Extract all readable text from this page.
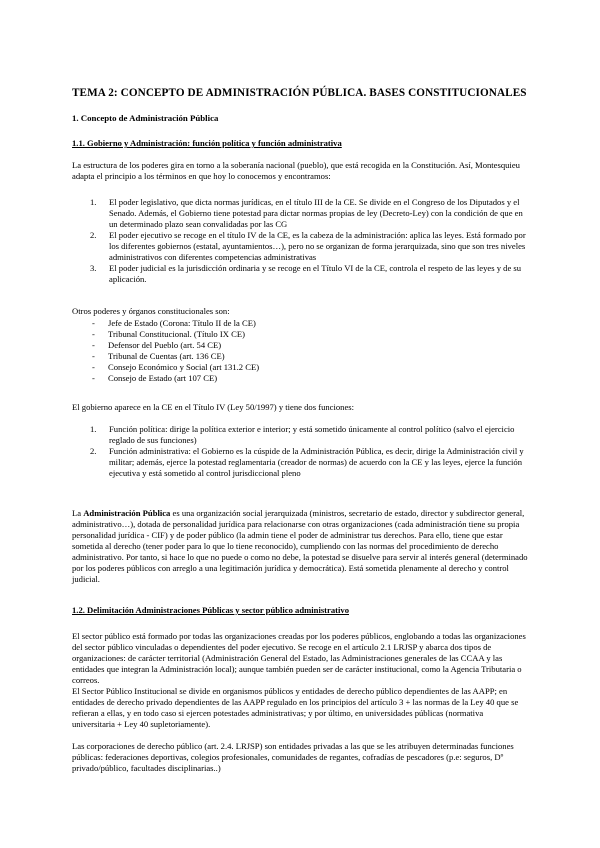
TEMA 2: CONCEPTO DE ADMINISTRACIÓN PÚBLICA. BASES CONSTITUCIONALES
1. Concepto de Administración Pública
1.1. Gobierno y Administración: función política y función administrativa

La estructura de los poderes gira en torno a la soberanía nacional (pueblo), que está recogida en la Constitución. Así, Montesquieu adapta el principio a los términos en que hoy lo conocemos y encontramos:

1. El poder legislativo, que dicta normas jurídicas, en el título III de la CE. Se divide en el Congreso de los Diputados y el Senado. Además, el Gobierno tiene potestad para dictar normas propias de ley (Decreto-Ley) con la condición de que en un determinado plazo sean convalidadas por las CG
2. El poder ejecutivo se recoge en el título IV de la CE, es la cabeza de la administración: aplica las leyes. Está formado por los diferentes gobiernos (estatal, ayuntamientos…), pero no se organizan de forma jerarquizada, sino que son tres niveles administrativos con diferentes competencias administrativas
3. El poder judicial es la jurisdicción ordinaria y se recoge en el Título VI de la CE, controla el respeto de las leyes y de su aplicación.

Otros poderes y órganos constitucionales son:

- Jefe de Estado (Corona: Título II de la CE)
- Tribunal Constitucional. (Título IX CE)
- Defensor del Pueblo (art. 54 CE)
- Tribunal de Cuentas (art. 136 CE)
- Consejo Económico y Social (art 131.2 CE)
- Consejo de Estado (art 107 CE)

El gobierno aparece en la CE en el Título IV (Ley 50/1997) y tiene dos funciones:

1. Función política: dirige la política exterior e interior; y está sometido únicamente al control político (salvo el ejercicio reglado de sus funciones)
2. Función administrativa: el Gobierno es la cúspide de la Administración Pública, es decir, dirige la Administración civil y militar; además, ejerce la potestad reglamentaria (creador de normas) de acuerdo con la CE y las leyes, ejerce la función ejecutiva y está sometido al control jurisdiccional pleno

La Administración Pública es una organización social jerarquizada (ministros, secretario de estado, director y subdirector general, administrativo…), dotada de personalidad jurídica para relacionarse con otras organizaciones (cada administración tiene su propia personalidad jurídica - CIF) y de poder público (la admin tiene el poder de administrar tus derechos. Para ello, tiene que estar sometida al derecho (tener poder para lo que lo tiene reconocido), cumpliendo con las normas del procedimiento de derecho administrativo. Por tanto, si hace lo que no puede o como no debe, la potestad se disuelve para servir al interés general (determinado por los poderes públicos con arreglo a una legitimación jurídica y democrática). Está sometida plenamente al derecho y control judicial.

1.2. Delimitación Administraciones Públicas y sector público administrativo

El sector público está formado por todas las organizaciones creadas por los poderes públicos, englobando a todas las organizaciones del sector público vinculadas o dependientes del poder ejecutivo. Se recoge en el artículo 2.1 LRJSP y abarca dos tipos de organizaciones: de carácter territorial (Administración General del Estado, las Administraciones generales de las CCAA y las entidades que integran la Administración local); aunque también pueden ser de carácter institucional, como la Agencia Tributaria o correos.

El Sector Público Institucional se divide en organismos públicos y entidades de derecho público dependientes de las AAPP; en entidades de derecho privado dependientes de las AAPP regulado en los principios del artículo 3 + las normas de la Ley 40 que se refieran a ellas, y en todo caso si ejercen potestades administrativas; y por último, en universidades públicas (normativa universitaria + Ley 40 supletoriamente).

Las corporaciones de derecho público (art. 2.4. LRJSP) son entidades privadas a las que se les atribuyen determinadas funciones públicas: federaciones deportivas, colegios profesionales, comunidades de regantes, cofradías de pescadores (p.e: seguros, Dº privado/público, facultades disciplinarias..)
